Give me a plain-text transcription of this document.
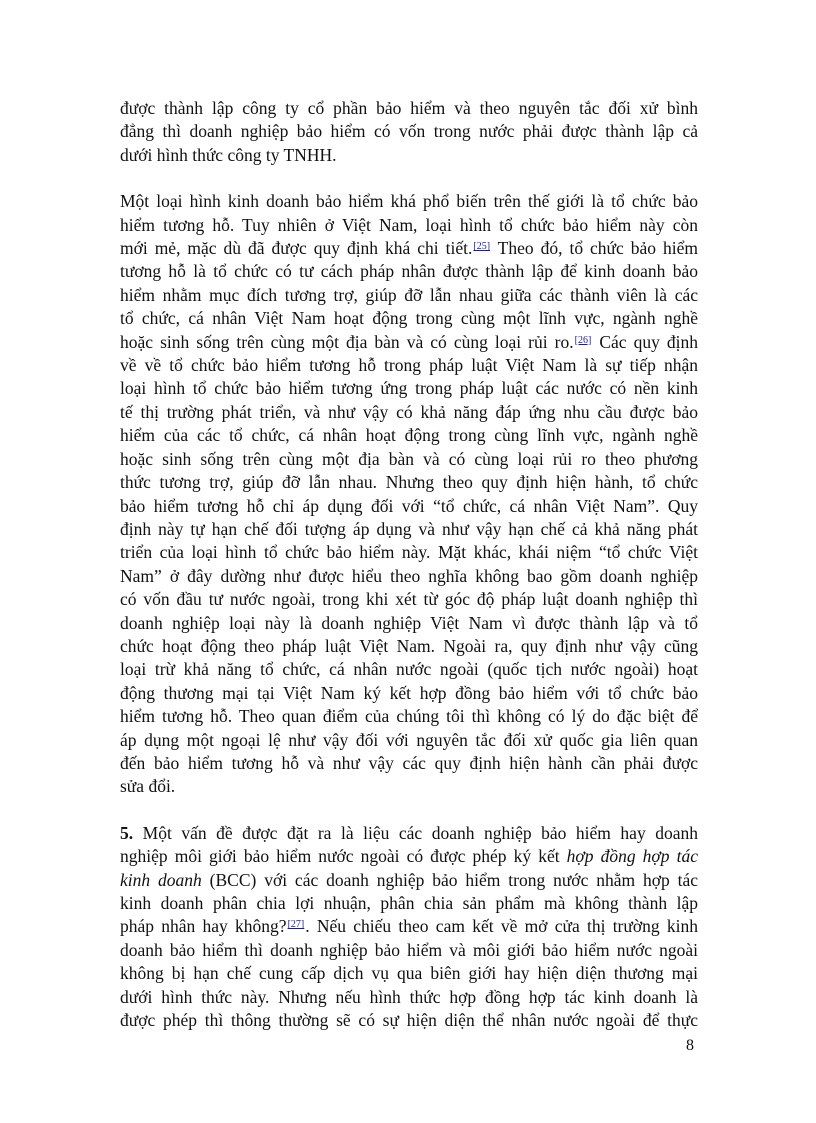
được thành lập công ty cổ phần bảo hiểm và theo nguyên tắc đối xử bình
đẳng thì doanh nghiệp bảo hiểm có vốn trong nước phải được thành lập cả
dưới hình thức công ty TNHH.

Một loại hình kinh doanh bảo hiểm khá phổ biến trên thế giới là tổ chức bảo
hiểm tương hỗ. Tuy nhiên ở Việt Nam, loại hình tổ chức bảo hiểm này còn
mới mẻ, mặc dù đã được quy định khá chi tiết.[25] Theo đó, tổ chức bảo hiểm
tương hỗ là tổ chức có tư cách pháp nhân được thành lập để kinh doanh bảo
hiểm nhằm mục đích tương trợ, giúp đỡ lẫn nhau giữa các thành viên là các
tổ chức, cá nhân Việt Nam hoạt động trong cùng một lĩnh vực, ngành nghề
hoặc sinh sống trên cùng một địa bàn và có cùng loại rủi ro.[26] Các quy định
về về tổ chức bảo hiểm tương hỗ trong pháp luật Việt Nam là sự tiếp nhận
loại hình tổ chức bảo hiểm tương ứng trong pháp luật các nước có nền kinh
tế thị trường phát triển, và như vậy có khả năng đáp ứng nhu cầu được bảo
hiểm của các tổ chức, cá nhân hoạt động trong cùng lĩnh vực, ngành nghề
hoặc sinh sống trên cùng một địa bàn và có cùng loại rủi ro theo phương
thức tương trợ, giúp đỡ lẫn nhau. Nhưng theo quy định hiện hành, tổ chức
bảo hiểm tương hỗ chỉ áp dụng đối với “tổ chức, cá nhân Việt Nam”. Quy
định này tự hạn chế đối tượng áp dụng và như vậy hạn chế cả khả năng phát
triển của loại hình tổ chức bảo hiểm này. Mặt khác, khái niệm “tổ chức Việt
Nam” ở đây dường như được hiểu theo nghĩa không bao gồm doanh nghiệp
có vốn đầu tư nước ngoài, trong khi xét từ góc độ pháp luật doanh nghiệp thì
doanh nghiệp loại này là doanh nghiệp Việt Nam vì được thành lập và tổ
chức hoạt động theo pháp luật Việt Nam. Ngoài ra, quy định như vậy cũng
loại trừ khả năng tổ chức, cá nhân nước ngoài (quốc tịch nước ngoài) hoạt
động thương mại tại Việt Nam ký kết hợp đồng bảo hiểm với tổ chức bảo
hiểm tương hỗ. Theo quan điểm của chúng tôi thì không có lý do đặc biệt để
áp dụng một ngoại lệ như vậy đối với nguyên tắc đối xử quốc gia liên quan
đến bảo hiểm tương hỗ và như vậy các quy định hiện hành cần phải được
sửa đổi.

5. Một vấn đề được đặt ra là liệu các doanh nghiệp bảo hiểm hay doanh
nghiệp môi giới bảo hiểm nước ngoài có được phép ký kết hợp đồng hợp tác
kinh doanh (BCC) với các doanh nghiệp bảo hiểm trong nước nhằm hợp tác
kinh doanh phân chia lợi nhuận, phân chia sản phẩm mà không thành lập
pháp nhân hay không?[27]. Nếu chiếu theo cam kết về mở cửa thị trường kinh
doanh bảo hiểm thì doanh nghiệp bảo hiểm và môi giới bảo hiểm nước ngoài
không bị hạn chế cung cấp dịch vụ qua biên giới hay hiện diện thương mại
dưới hình thức này. Nhưng nếu hình thức hợp đồng hợp tác kinh doanh là
được phép thì thông thường sẽ có sự hiện diện thể nhân nước ngoài để thực

8
